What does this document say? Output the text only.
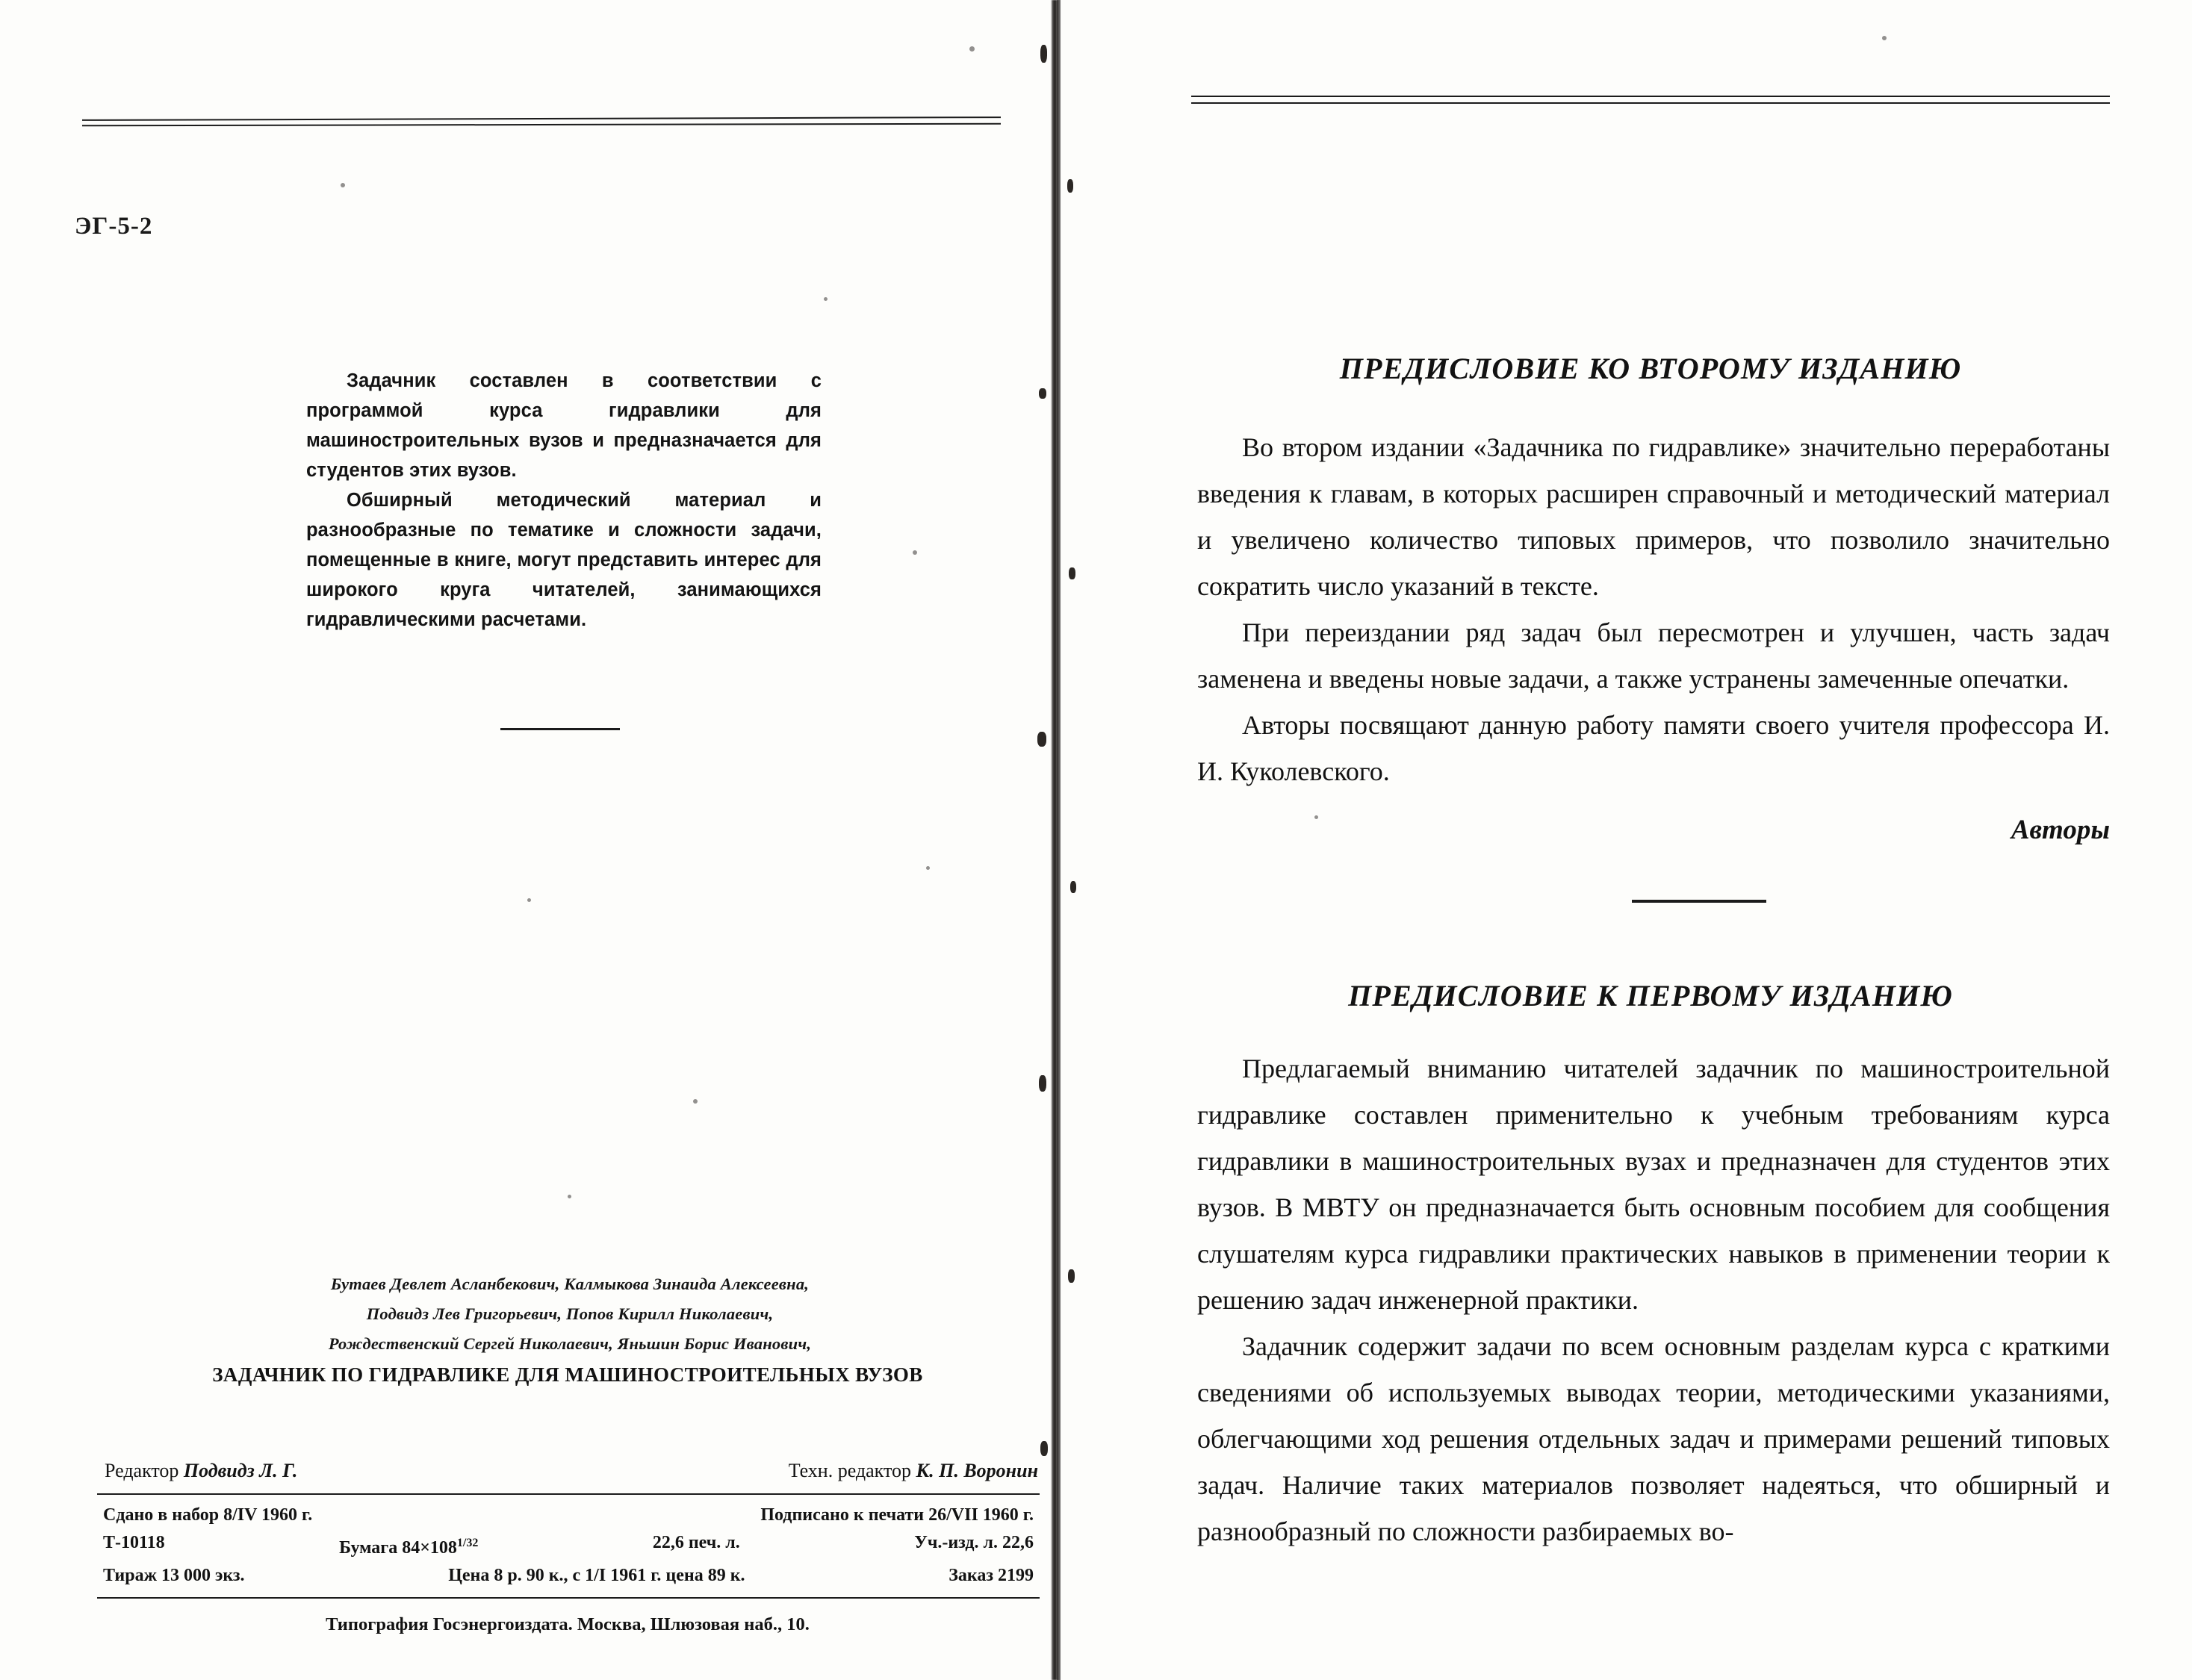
ЭГ-5-2

Задачник составлен в соответствии с программой курса гидравлики для машиностроительных вузов и предназначается для студентов этих вузов.

Обширный методический материал и разнообразные по тематике и сложности задачи, помещенные в книге, могут представить интерес для широкого круга читателей, занимающихся гидравлическими расчетами.

Бутаев Девлет Асланбекович, Калмыкова Зинаида Алексеевна,
Подвидз Лев Григорьевич, Попов Кирилл Николаевич,
Рождественский Сергей Николаевич, Яньшин Борис Иванович,
ЗАДАЧНИК ПО ГИДРАВЛИКЕ ДЛЯ МАШИНОСТРОИТЕЛЬНЫХ ВУЗОВ
Редактор Подвидз Л. Г.	Техн. редактор К. П. Воронин
Сдано в набор 8/IV 1960 г.	Подписано к печати 26/VII 1960 г.
Т-10118	Бумага $84\times 108^{1/32}$	22,6 печ. л.	Уч.-изд. л. 22,6
Тираж 13 000 экз.	Цена 8 р. 90 к., с 1/I 1961 г. цена 89 к.	Заказ 2199
Типография Госэнергоиздата. Москва, Шлюзовая наб., 10.
ПРЕДИСЛОВИЕ КО ВТОРОМУ ИЗДАНИЮ

Во втором издании «Задачника по гидравлике» значительно переработаны введения к главам, в которых расширен справочный и методический материал и увеличено количество типовых примеров, что позволило значительно сократить число указаний в тексте.

При переиздании ряд задач был пересмотрен и улучшен, часть задач заменена и введены новые задачи, а также устранены замеченные опечатки.

Авторы посвящают данную работу памяти своего учителя профессора И. И. Куколевского.

Авторы
ПРЕДИСЛОВИЕ К ПЕРВОМУ ИЗДАНИЮ

Предлагаемый вниманию читателей задачник по машиностроительной гидравлике составлен применительно к учебным требованиям курса гидравлики в машиностроительных вузах и предназначен для студентов этих вузов. В МВТУ он предназначается быть основным пособием для сообщения слушателям курса гидравлики практических навыков в применении теории к решению задач инженерной практики.

Задачник содержит задачи по всем основным разделам курса с краткими сведениями об используемых выводах теории, методическими указаниями, облегчающими ход решения отдельных задач и примерами решений типовых задач. Наличие таких материалов позволяет надеяться, что обширный и разнообразный по сложности разбираемых во-
